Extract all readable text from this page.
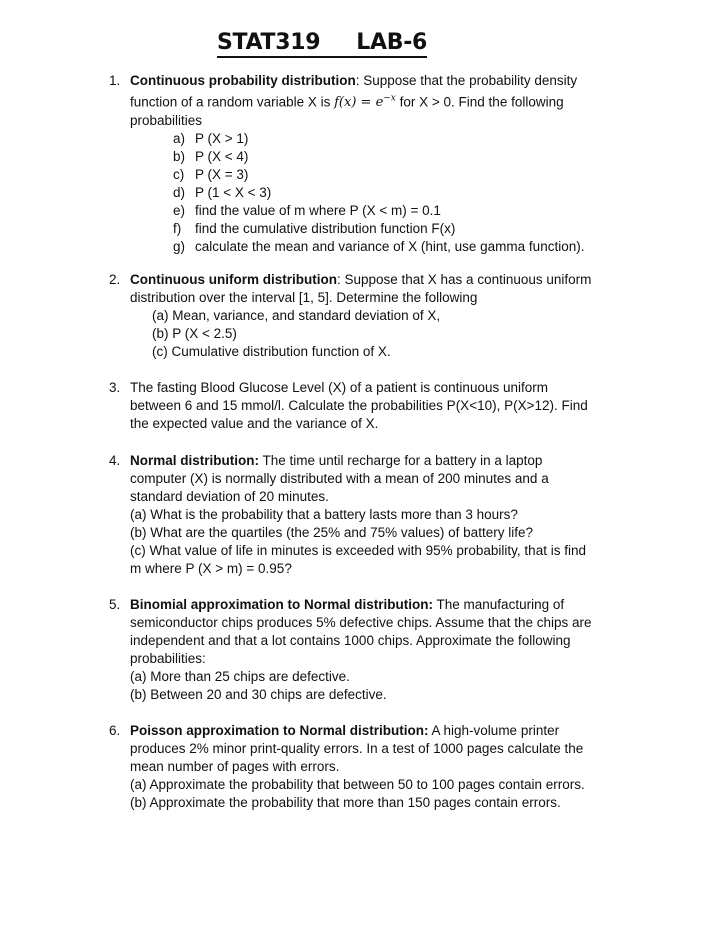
STAT319 LAB-6
1. Continuous probability distribution: Suppose that the probability density
function of a random variable X is $f(x) = e^{-x}$ for X > 0. Find the following
probabilities
a) P (X > 1)
b) P (X < 4)
c) P (X = 3)
d) P (1 < X < 3)
e) find the value of m where P (X < m) = 0.1
f) find the cumulative distribution function F(x)
g) calculate the mean and variance of X (hint, use gamma function).
2. Continuous uniform distribution: Suppose that X has a continuous uniform
distribution over the interval [1, 5]. Determine the following
(a) Mean, variance, and standard deviation of X,
(b) P (X < 2.5)
(c) Cumulative distribution function of X.
3. The fasting Blood Glucose Level (X) of a patient is continuous uniform
between 6 and 15 mmol/l. Calculate the probabilities P(X<10), P(X>12). Find
the expected value and the variance of X.
4. Normal distribution: The time until recharge for a battery in a laptop
computer (X) is normally distributed with a mean of 200 minutes and a
standard deviation of 20 minutes.
(a) What is the probability that a battery lasts more than 3 hours?
(b) What are the quartiles (the 25% and 75% values) of battery life?
(c) What value of life in minutes is exceeded with 95% probability, that is find
m where P (X > m) = 0.95?
5. Binomial approximation to Normal distribution: The manufacturing of
semiconductor chips produces 5% defective chips. Assume that the chips are
independent and that a lot contains 1000 chips. Approximate the following
probabilities:
(a) More than 25 chips are defective.
(b) Between 20 and 30 chips are defective.
6. Poisson approximation to Normal distribution: A high-volume printer
produces 2% minor print-quality errors. In a test of 1000 pages calculate the
mean number of pages with errors.
(a) Approximate the probability that between 50 to 100 pages contain errors.
(b) Approximate the probability that more than 150 pages contain errors.
